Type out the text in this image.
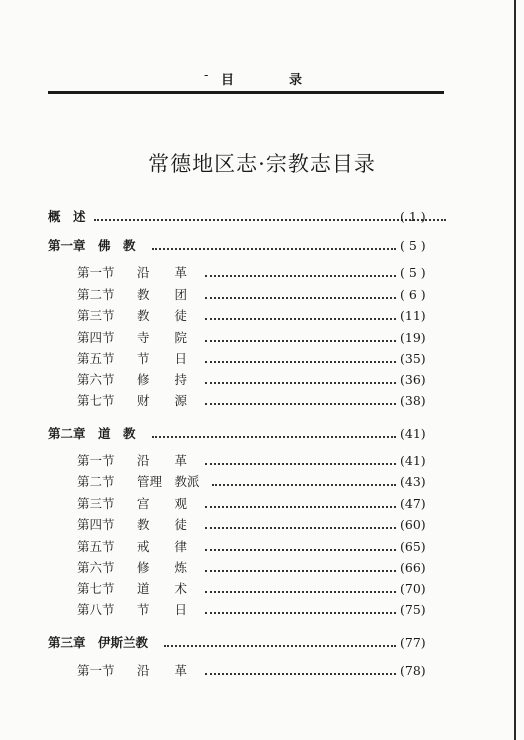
- 目	录
常德地区志·宗教志目录
概　述	( 1 )
第一章　佛　教	( 5 )
第一节 沿　　革	( 5 )
第二节 教　　团	( 6 )
第三节 教　　徒	(11)
第四节 寺　　院	(19)
第五节 节　　日	(35)
第六节 修　　持	(36)
第七节 财　　源	(38)
第二章　道　教	(41)
第一节 沿　　革	(41)
第二节 管理　教派	(43)
第三节 宫　　观	(47)
第四节 教　　徒	(60)
第五节 戒　　律	(65)
第六节 修　　炼	(66)
第七节 道　　术	(70)
第八节 节　　日	(75)
第三章　伊斯兰教	(77)
第一节 沿　　革	(78)
